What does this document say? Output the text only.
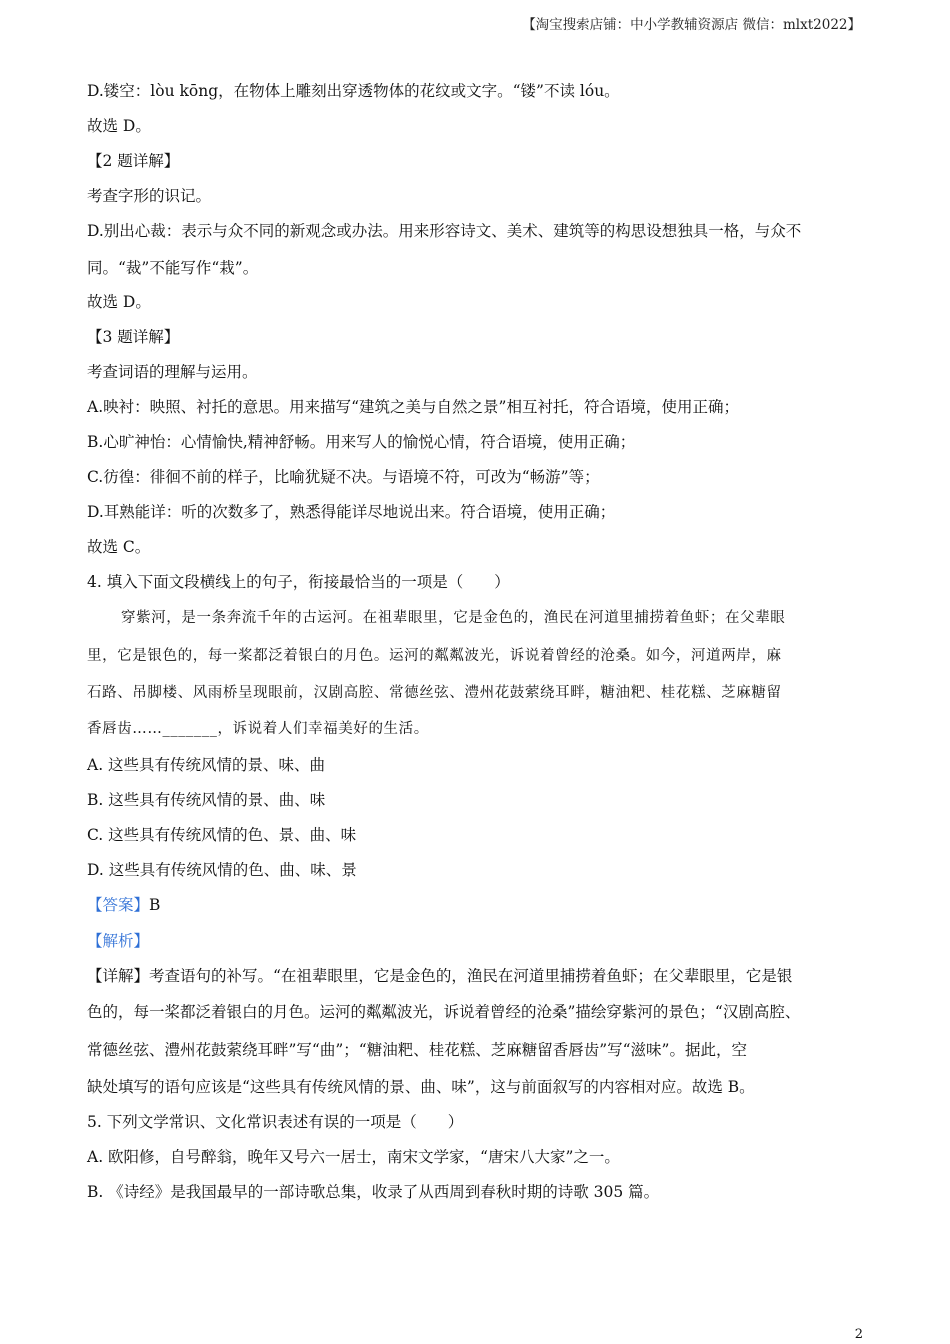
【淘宝搜索店铺：中小学教辅资源店 微信：mlxt2022】
D.镂空：lòu kōng，在物体上雕刻出穿透物体的花纹或文字。“镂”不读 lóu。
故选 D。
【2 题详解】
考查字形的识记。
D.别出心裁：表示与众不同的新观念或办法。用来形容诗文、美术、建筑等的构思设想独具一格，与众不
同。“裁”不能写作“栽”。
故选 D。
【3 题详解】
考查词语的理解与运用。
A.映衬：映照、衬托的意思。用来描写“建筑之美与自然之景”相互衬托，符合语境，使用正确；
B.心旷神怡：心情愉快,精神舒畅。用来写人的愉悦心情，符合语境，使用正确；
C.彷徨：徘徊不前的样子，比喻犹疑不决。与语境不符，可改为“畅游”等；
D.耳熟能详：听的次数多了，熟悉得能详尽地说出来。符合语境，使用正确；
故选 C。
4. 填入下面文段横线上的句子，衔接最恰当的一项是（　　）
穿紫河，是一条奔流千年的古运河。在祖辈眼里，它是金色的，渔民在河道里捕捞着鱼虾；在父辈眼
里，它是银色的，每一桨都泛着银白的月色。运河的粼粼波光，诉说着曾经的沧桑。如今，河道两岸，麻
石路、吊脚楼、风雨桥呈现眼前，汉剧高腔、常德丝弦、澧州花鼓萦绕耳畔，糖油粑、桂花糕、芝麻糖留
香唇齿……_______，诉说着人们幸福美好的生活。
A. 这些具有传统风情的景、味、曲
B. 这些具有传统风情的景、曲、味
C. 这些具有传统风情的色、景、曲、味
D. 这些具有传统风情的色、曲、味、景
【答案】B
【解析】
【详解】考查语句的补写。“在祖辈眼里，它是金色的，渔民在河道里捕捞着鱼虾；在父辈眼里，它是银
色的，每一桨都泛着银白的月色。运河的粼粼波光，诉说着曾经的沧桑”描绘穿紫河的景色；“汉剧高腔、
常德丝弦、澧州花鼓萦绕耳畔”写“曲”；“糖油粑、桂花糕、芝麻糖留香唇齿”写“滋味”。据此，空
缺处填写的语句应该是“这些具有传统风情的景、曲、味”，这与前面叙写的内容相对应。故选 B。
5. 下列文学常识、文化常识表述有误的一项是（　　）
A. 欧阳修，自号醉翁，晚年又号六一居士，南宋文学家，“唐宋八大家”之一。
B. 《诗经》是我国最早的一部诗歌总集，收录了从西周到春秋时期的诗歌 305 篇。
2
